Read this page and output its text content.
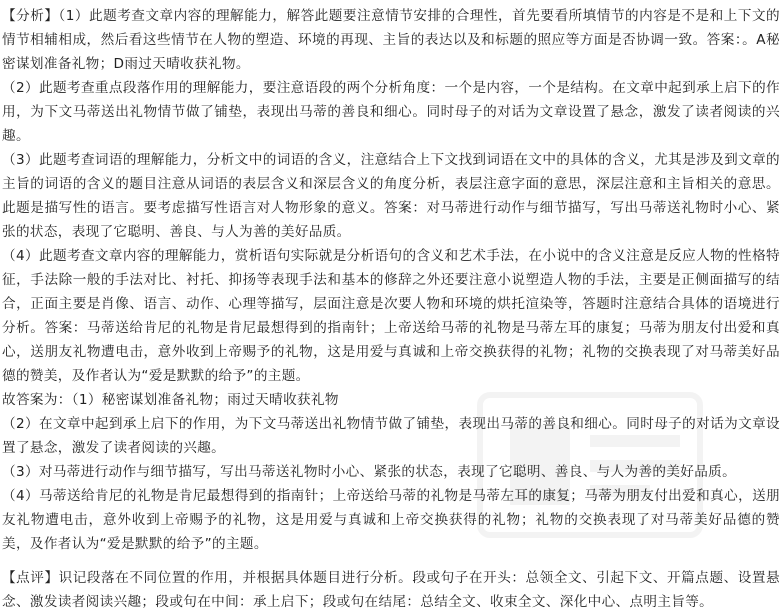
【分析】（1）此题考查文章内容的理解能力，解答此题要注意情节安排的合理性，首先要看所填情节的内容是不是和上下文的情节相辅相成，然后看这些情节在人物的塑造、环境的再现、主旨的表达以及和标题的照应等方面是否协调一致。答案：。A秘密谋划准备礼物；D雨过天晴收获礼物。

（2）此题考查重点段落作用的理解能力，要注意语段的两个分析角度：一个是内容，一个是结构。在文章中起到承上启下的作用，为下文马蒂送出礼物情节做了铺垫，表现出马蒂的善良和细心。同时母子的对话为文章设置了悬念，激发了读者阅读的兴趣。

（3）此题考查词语的理解能力，分析文中的词语的含义，注意结合上下文找到词语在文中的具体的含义，尤其是涉及到文章的主旨的词语的含义的题目注意从词语的表层含义和深层含义的角度分析，表层注意字面的意思，深层注意和主旨相关的意思。此题是描写性的语言。要考虑描写性语言对人物形象的意义。答案：对马蒂进行动作与细节描写，写出马蒂送礼物时小心、紧张的状态，表现了它聪明、善良、与人为善的美好品质。

（4）此题考查文章内容的理解能力，赏析语句实际就是分析语句的含义和艺术手法，在小说中的含义注意是反应人物的性格特征，手法除一般的手法对比、衬托、抑扬等表现手法和基本的修辞之外还要注意小说塑造人物的手法，主要是正侧面描写的结合，正面主要是肖像、语言、动作、心理等描写，层面注意是次要人物和环境的烘托渲染等，答题时注意结合具体的语境进行分析。答案：马蒂送给肯尼的礼物是肯尼最想得到的指南针；上帝送给马蒂的礼物是马蒂左耳的康复；马蒂为朋友付出爱和真心，送朋友礼物遭电击，意外收到上帝赐予的礼物，这是用爱与真诚和上帝交换获得的礼物；礼物的交换表现了对马蒂美好品德的赞美，及作者认为“爱是默默的给予”的主题。

故答案为：（1）秘密谋划准备礼物；雨过天晴收获礼物

（2）在文章中起到承上启下的作用，为下文马蒂送出礼物情节做了铺垫，表现出马蒂的善良和细心。同时母子的对话为文章设置了悬念，激发了读者阅读的兴趣。

（3）对马蒂进行动作与细节描写，写出马蒂送礼物时小心、紧张的状态，表现了它聪明、善良、与人为善的美好品质。

（4）马蒂送给肯尼的礼物是肯尼最想得到的指南针；上帝送给马蒂的礼物是马蒂左耳的康复；马蒂为朋友付出爱和真心，送朋友礼物遭电击，意外收到上帝赐予的礼物，这是用爱与真诚和上帝交换获得的礼物；礼物的交换表现了对马蒂美好品德的赞美，及作者认为“爱是默默的给予”的主题。

【点评】识记段落在不同位置的作用，并根据具体题目进行分析。段或句子在开头：总领全文、引起下文、开篇点题、设置悬念、激发读者阅读兴趣；段或句在中间：承上启下；段或句在结尾：总结全文、收束全文、深化中心、点明主旨等。
